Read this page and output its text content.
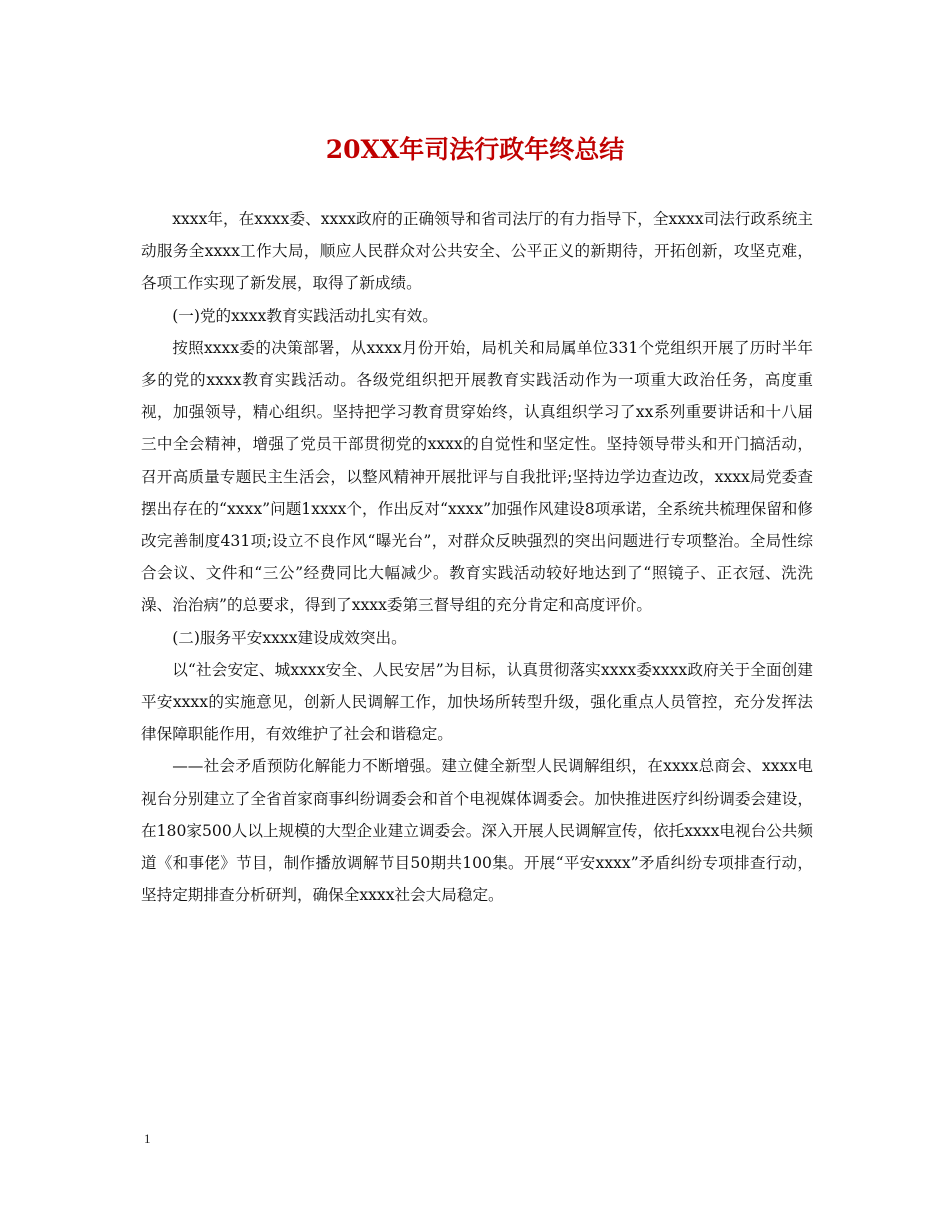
20XX年司法行政年终总结

xxxx年，在xxxx委、xxxx政府的正确领导和省司法厅的有力指导下，全xxxx司法行政系统主动服务全xxxx工作大局，顺应人民群众对公共安全、公平正义的新期待，开拓创新，攻坚克难，各项工作实现了新发展，取得了新成绩。

(一)党的xxxx教育实践活动扎实有效。

按照xxxx委的决策部署，从xxxx月份开始，局机关和局属单位331个党组织开展了历时半年多的党的xxxx教育实践活动。各级党组织把开展教育实践活动作为一项重大政治任务，高度重视，加强领导，精心组织。坚持把学习教育贯穿始终，认真组织学习了xx系列重要讲话和十八届三中全会精神，增强了党员干部贯彻党的xxxx的自觉性和坚定性。坚持领导带头和开门搞活动，召开高质量专题民主生活会，以整风精神开展批评与自我批评;坚持边学边查边改，xxxx局党委查摆出存在的“xxxx”问题1xxxx个，作出反对“xxxx”加强作风建设8项承诺，全系统共梳理保留和修改完善制度431项;设立不良作风“曝光台”，对群众反映强烈的突出问题进行专项整治。全局性综合会议、文件和“三公”经费同比大幅减少。教育实践活动较好地达到了“照镜子、正衣冠、洗洗澡、治治病”的总要求，得到了xxxx委第三督导组的充分肯定和高度评价。

(二)服务平安xxxx建设成效突出。

以“社会安定、城xxxx安全、人民安居”为目标，认真贯彻落实xxxx委xxxx政府关于全面创建平安xxxx的实施意见，创新人民调解工作，加快场所转型升级，强化重点人员管控，充分发挥法律保障职能作用，有效维护了社会和谐稳定。

——社会矛盾预防化解能力不断增强。建立健全新型人民调解组织，在xxxx总商会、xxxx电视台分别建立了全省首家商事纠纷调委会和首个电视媒体调委会。加快推进医疗纠纷调委会建设，在180家500人以上规模的大型企业建立调委会。深入开展人民调解宣传，依托xxxx电视台公共频道《和事佬》节目，制作播放调解节目50期共100集。开展“平安xxxx”矛盾纠纷专项排查行动，坚持定期排查分析研判，确保全xxxx社会大局稳定。

1
